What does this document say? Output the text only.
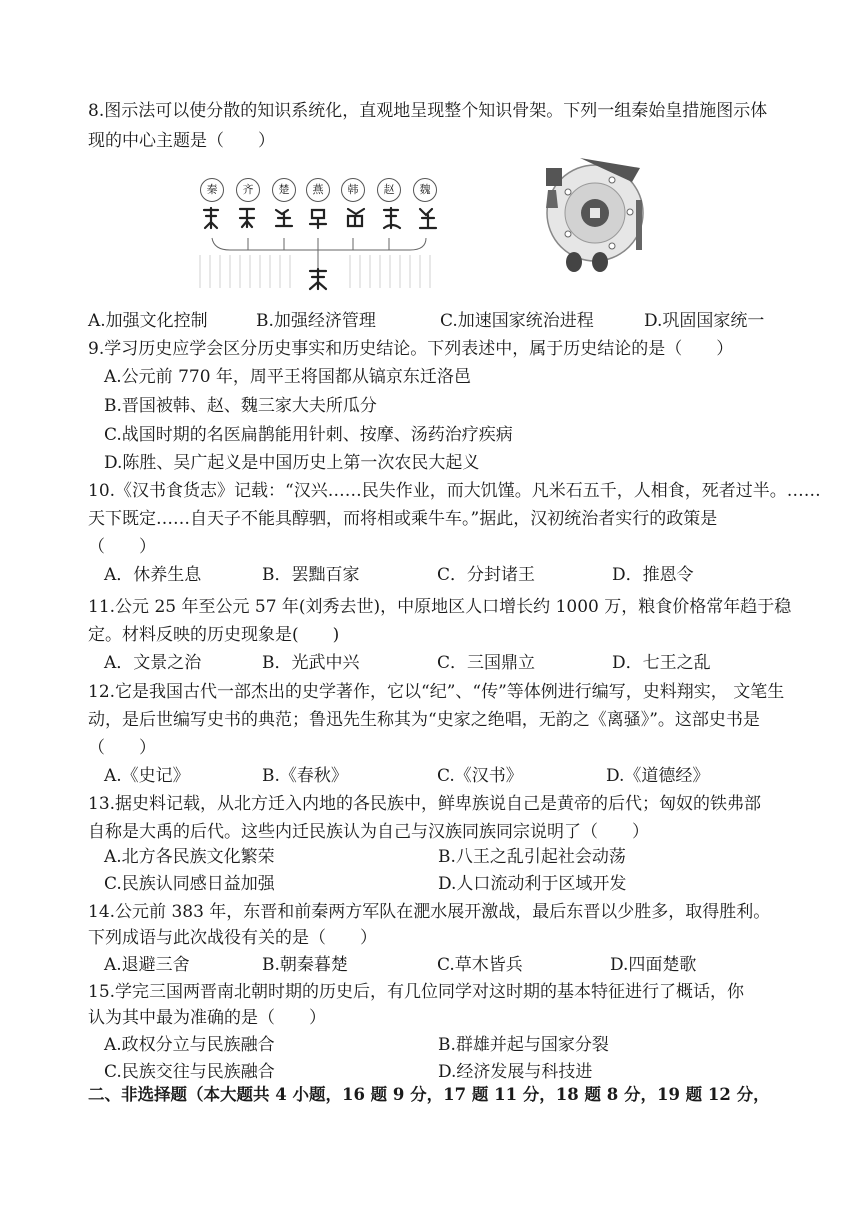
8.图示法可以使分散的知识系统化，直观地呈现整个知识骨架。下列一组秦始皇措施图示体
现的中心主题是（　　）
秦	齐	楚	燕	韩	赵	魏
A.加强文化控制	B.加强经济管理	C.加速国家统治进程	D.巩固国家统一
9.学习历史应学会区分历史事实和历史结论。下列表述中，属于历史结论的是（　　）
A.公元前 770 年，周平王将国都从镐京东迁洛邑
B.晋国被韩、赵、魏三家大夫所瓜分
C.战国时期的名医扁鹊能用针刺、按摩、汤药治疗疾病
D.陈胜、吴广起义是中国历史上第一次农民大起义
10.《汉书食货志》记载：“汉兴……民失作业，而大饥馑。凡米石五千，人相食，死者过半。……
天下既定……自天子不能具醇驷，而将相或乘牛车。”据此，汉初统治者实行的政策是
（　　）
A．休养生息	B．罢黜百家	C．分封诸王	D．推恩令
11.公元 25 年至公元 57 年(刘秀去世)，中原地区人口增长约 1000 万，粮食价格常年趋于稳
定。材料反映的历史现象是(　　)
A．文景之治	B．光武中兴	C．三国鼎立	D．七王之乱
12.它是我国古代一部杰出的史学著作，它以“纪”、“传”等体例进行编写，史料翔实， 文笔生
动，是后世编写史书的典范；鲁迅先生称其为“史家之绝唱，无韵之《离骚》”。这部史书是
（　　）
A.《史记》	B.《春秋》	C.《汉书》	D.《道德经》
13.据史料记载，从北方迁入内地的各民族中，鲜卑族说自己是黄帝的后代；匈奴的铁弗部
自称是大禹的后代。这些内迁民族认为自己与汉族同族同宗说明了（　　）
A.北方各民族文化繁荣	B.八王之乱引起社会动荡
C.民族认同感日益加强	D.人口流动利于区域开发
14.公元前 383 年，东晋和前秦两方军队在淝水展开激战，最后东晋以少胜多，取得胜利。
下列成语与此次战役有关的是（　　）
A.退避三舍	B.朝秦暮楚	C.草木皆兵	D.四面楚歌
15.学完三国两晋南北朝时期的历史后，有几位同学对这时期的基本特征进行了概话，你
认为其中最为准确的是（　　）
A.政权分立与民族融合	B.群雄并起与国家分裂
C.民族交往与民族融合	D.经济发展与科技进
二、非选择题（本大题共 4 小题，16 题 9 分，17 题 11 分，18 题 8 分，19 题 12 分，
